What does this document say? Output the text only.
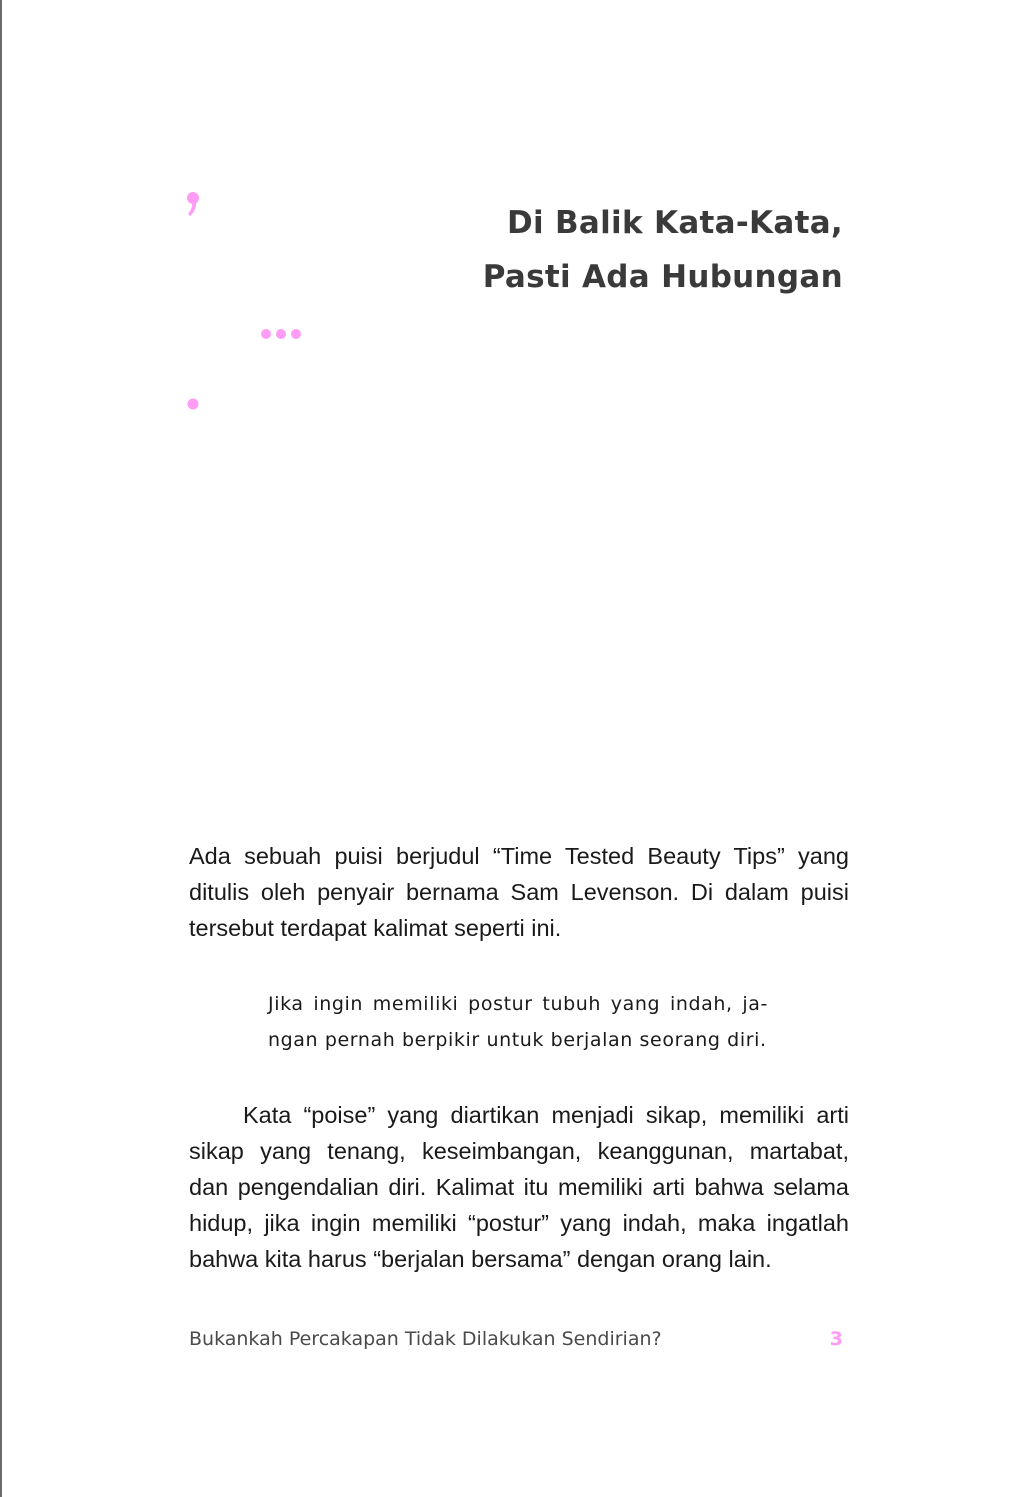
Di Balik Kata-Kata,
Pasti Ada Hubungan
Ada sebuah puisi berjudul “Time Tested Beauty Tips” yang
ditulis oleh penyair bernama Sam Levenson. Di dalam puisi
tersebut terdapat kalimat seperti ini.
Jika ingin memiliki postur tubuh yang indah, ja-
ngan pernah berpikir untuk berjalan seorang diri.
Kata “poise” yang diartikan menjadi sikap, memiliki arti
sikap yang tenang, keseimbangan, keanggunan, martabat,
dan pengendalian diri. Kalimat itu memiliki arti bahwa selama
hidup, jika ingin memiliki “postur” yang indah, maka ingatlah
bahwa kita harus “berjalan bersama” dengan orang lain.
Bukankah Percakapan Tidak Dilakukan Sendirian?	3
